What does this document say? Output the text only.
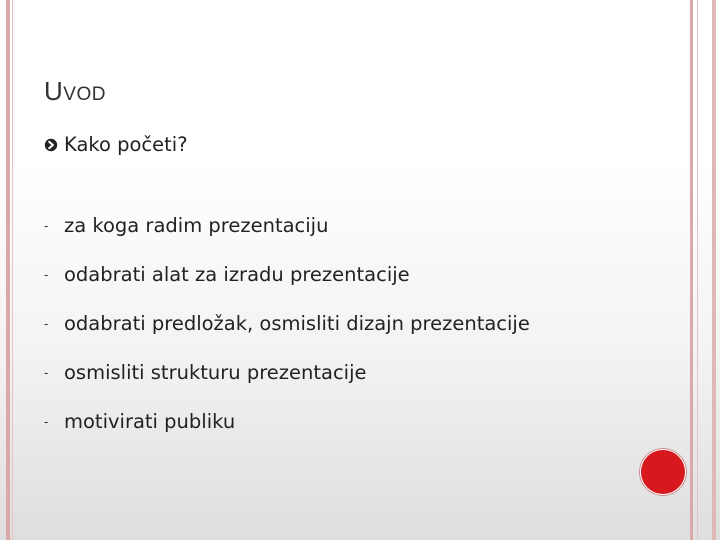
UVOD
Kako početi?
- za koga radim prezentaciju
- odabrati alat za izradu prezentacije
- odabrati predložak, osmisliti dizajn prezentacije
- osmisliti strukturu prezentacije
- motivirati publiku
